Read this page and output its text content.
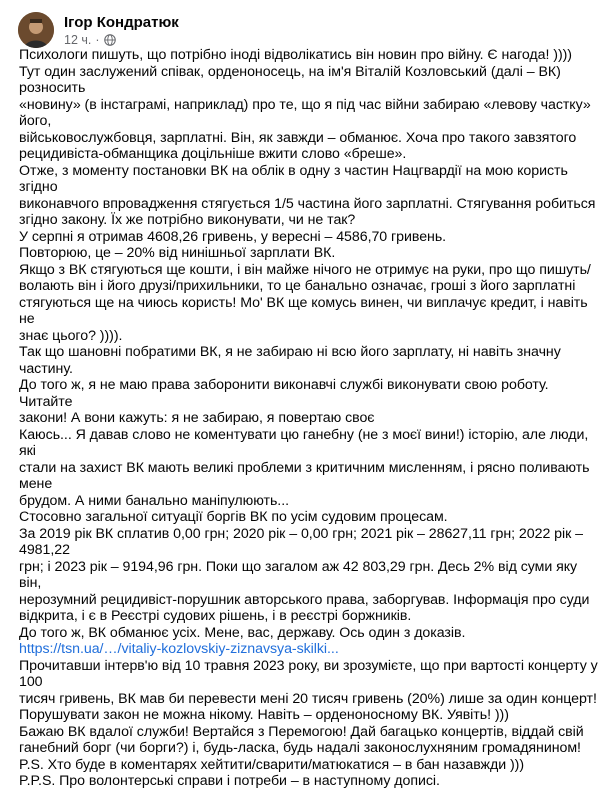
Ігор Кондратюк
12 ч. ·

Психологи пишуть, що потрібно іноді відволікатись він новин про війну. Є нагода! ))))

Тут один заслужений співак, орденоносець, на ім'я Віталій Козловський (далі – ВК) розносить
«новину» (в інстаграмі, наприклад) про те, що я під час війни забираю «левову частку» його,
військовослужбовця, зарплатні. Він, як завжди – обманює. Хоча про такого завзятого
рецидивіста-обманщика доцільніше вжити слово «бреше».

Отже, з моменту постановки ВК на облік в одну з частин Нацгвардії на мою користь згідно
виконавчого впровадження стягується 1/5 частина його зарплатні. Стягування робиться
згідно закону. Їх же потрібно виконувати, чи не так?

У серпні я отримав 4608,26 гривень, у вересні – 4586,70 гривень.

Повторюю, це – 20% від нинішньої зарплати ВК.

Якщо з ВК стягуються ще кошти, і він майже нічого не отримує на руки, про що пишуть/
волають він і його друзі/прихильники, то це банально означає, гроші з його зарплатні
стягуються ще на чиюсь користь! Мо' ВК ще комусь винен, чи виплачує кредит, і навіть не
знає цього? )))).

Так що шановні побратими ВК, я не забираю ні всю його зарплату, ні навіть значну частину.

До того ж, я не маю права заборонити виконавчі службі виконувати свою роботу. Читайте
закони! А вони кажуть: я не забираю, я повертаю своє

Каюсь... Я давав слово не коментувати цю ганебну (не з моєї вини!) історію, але люди, які
стали на захист ВК мають великі проблеми з критичним мисленням, і рясно поливають мене
брудом. А ними банально маніпулюють...

Стосовно загальної ситуації боргів ВК по усім судовим процесам.

За 2019 рік ВК сплатив 0,00 грн; 2020 рік – 0,00 грн; 2021 рік – 28627,11 грн; 2022 рік – 4981,22
грн; і 2023 рік – 9194,96 грн. Поки що загалом аж 42 803,29 грн. Десь 2% від суми яку він,
нерозумний рецидивіст-порушник авторського права, заборгував. Інформація про суди
відкрита, і є в Реєстрі судових рішень, і в реєстрі боржників.

До того ж, ВК обманює усіх. Мене, вас, державу. Ось один з доказів.

https://tsn.ua/…/vitaliy-kozlovskiy-ziznavsya-skilki...

Прочитавши інтерв'ю від 10 травня 2023 року, ви зрозумієте, що при вартості концерту у 100
тисяч гривень, ВК мав би перевести мені 20 тисяч гривень (20%) лише за один концерт!

Порушувати закон не можна нікому. Навіть – орденоносному ВК. Уявіть! )))

Бажаю ВК вдалої служби! Вертайся з Перемогою! Дай багацько концертів, віддай свій
ганебний борг (чи борги?) і, будь-ласка, будь надалі законослухняним громадянином!

P.S. Хто буде в коментарях хейтити/сварити/матюкатися – в бан назавжди )))

P.P.S. Про волонтерські справи і потреби – в наступному дописі.
